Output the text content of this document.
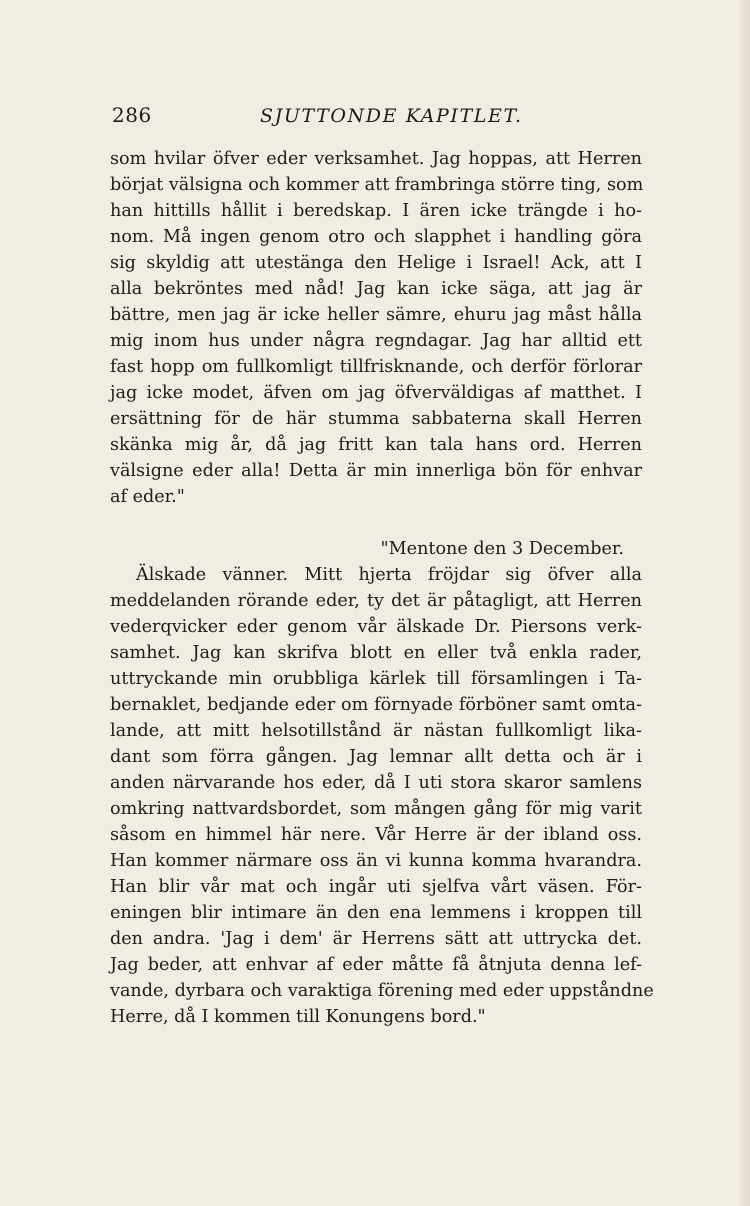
286	SJUTTONDE KAPITLET.
som hvilar öfver eder verksamhet. Jag hoppas, att Herren
börjat välsigna och kommer att frambringa större ting, som
han hittills hållit i beredskap. I ären icke trängde i ho-
nom. Må ingen genom otro och slapphet i handling göra
sig skyldig att utestänga den Helige i Israel! Ack, att I
alla bekröntes med nåd! Jag kan icke säga, att jag är
bättre, men jag är icke heller sämre, ehuru jag måst hålla
mig inom hus under några regndagar. Jag har alltid ett
fast hopp om fullkomligt tillfrisknande, och derför förlorar
jag icke modet, äfven om jag öfverväldigas af matthet. I
ersättning för de här stumma sabbaterna skall Herren
skänka mig år, då jag fritt kan tala hans ord. Herren
välsigne eder alla! Detta är min innerliga bön för enhvar
af eder."
"Mentone den 3 December.
Älskade vänner. Mitt hjerta fröjdar sig öfver alla
meddelanden rörande eder, ty det är påtagligt, att Herren
vederqvicker eder genom vår älskade Dr. Piersons verk-
samhet. Jag kan skrifva blott en eller två enkla rader,
uttryckande min orubbliga kärlek till församlingen i Ta-
bernaklet, bedjande eder om förnyade förböner samt omta-
lande, att mitt helsotillstånd är nästan fullkomligt lika-
dant som förra gången. Jag lemnar allt detta och är i
anden närvarande hos eder, då I uti stora skaror samlens
omkring nattvardsbordet, som mången gång för mig varit
såsom en himmel här nere. Vår Herre är der ibland oss.
Han kommer närmare oss än vi kunna komma hvarandra.
Han blir vår mat och ingår uti sjelfva vårt väsen. För-
eningen blir intimare än den ena lemmens i kroppen till
den andra. 'Jag i dem' är Herrens sätt att uttrycka det.
Jag beder, att enhvar af eder måtte få åtnjuta denna lef-
vande, dyrbara och varaktiga förening med eder uppståndne
Herre, då I kommen till Konungens bord."
